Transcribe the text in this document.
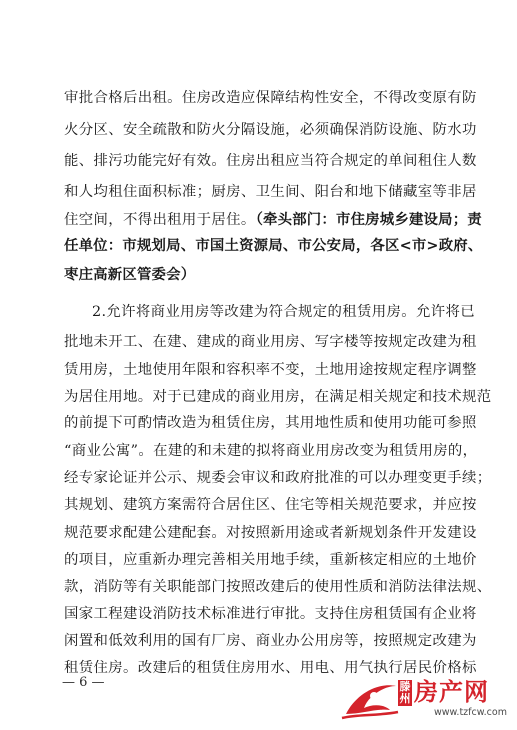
审批合格后出租。住房改造应保障结构性安全，不得改变原有防
火分区、安全疏散和防火分隔设施，必须确保消防设施、防水功
能、排污功能完好有效。住房出租应当符合规定的单间租住人数
和人均租住面积标准；厨房、卫生间、阳台和地下储藏室等非居
住空间，不得出租用于居住。（牵头部门：市住房城乡建设局；责
任单位：市规划局、市国土资源局、市公安局，各区<市>政府、
枣庄高新区管委会）
2.允许将商业用房等改建为符合规定的租赁用房。允许将已
批地未开工、在建、建成的商业用房、写字楼等按规定改建为租
赁用房，土地使用年限和容积率不变，土地用途按规定程序调整
为居住用地。对于已建成的商业用房，在满足相关规定和技术规范
的前提下可酌情改造为租赁住房，其用地性质和使用功能可参照
“商业公寓”。在建的和未建的拟将商业用房改变为租赁用房的，
经专家论证并公示、规委会审议和政府批准的可以办理变更手续；
其规划、建筑方案需符合居住区、住宅等相关规范要求，并应按
规范要求配建公建配套。对按照新用途或者新规划条件开发建设
的项目，应重新办理完善相关用地手续，重新核定相应的土地价
款，消防等有关职能部门按照改建后的使用性质和消防法律法规、
国家工程建设消防技术标准进行审批。支持住房租赁国有企业将
闲置和低效利用的国有厂房、商业办公用房等，按照规定改建为
租赁住房。改建后的租赁住房用水、用电、用气执行居民价格标
— 6 —	滕州 房产网
www.tzfcw.com
